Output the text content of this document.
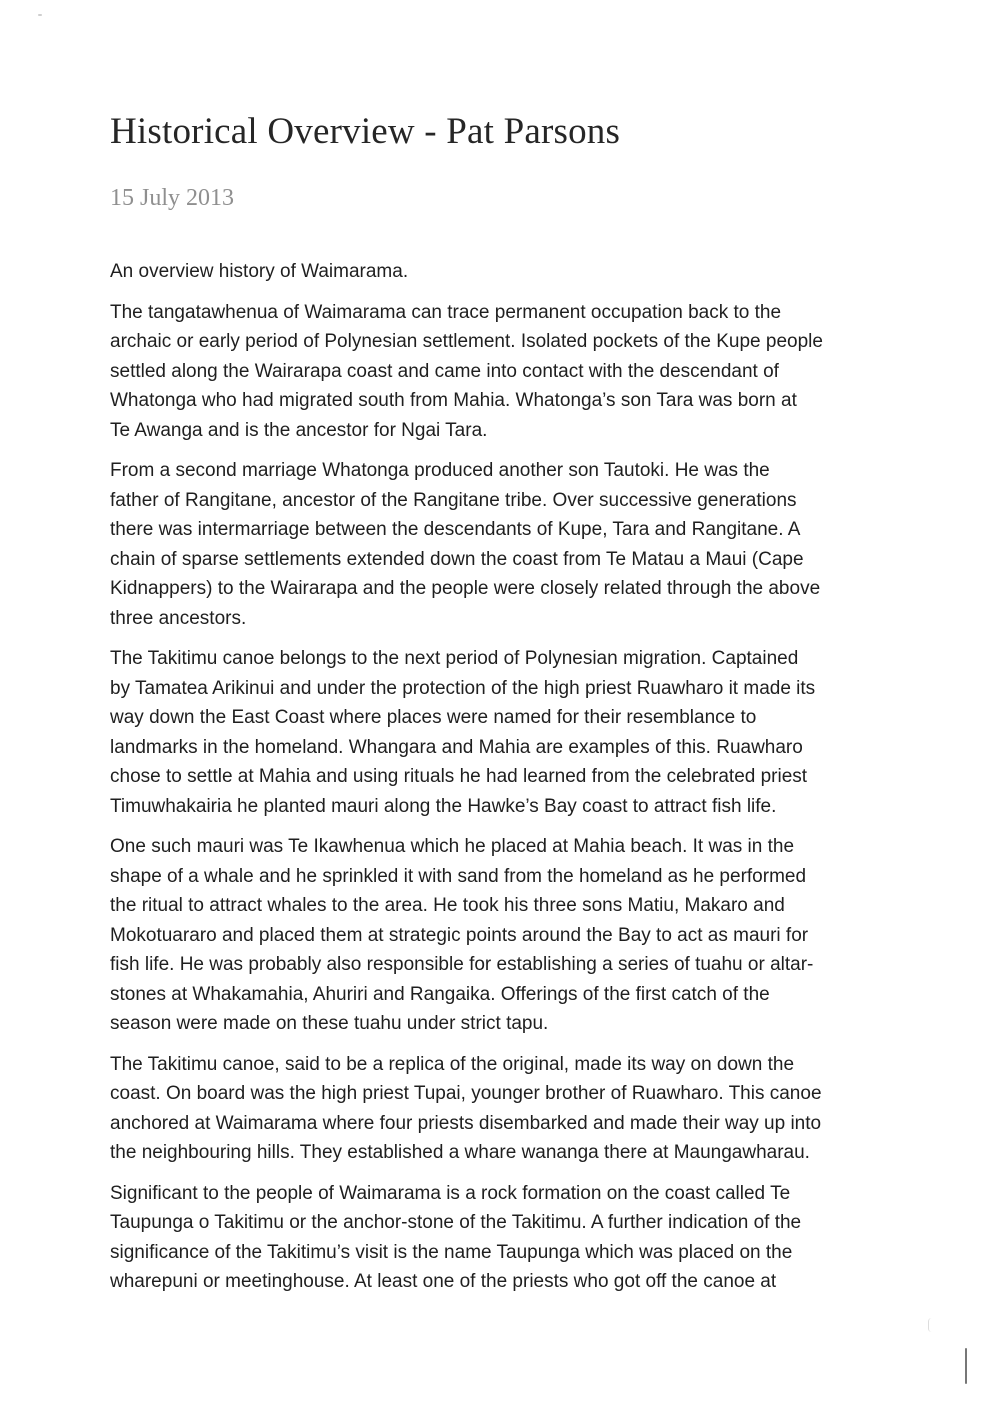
Historical Overview - Pat Parsons
15 July 2013

An overview history of Waimarama.

The tangatawhenua of Waimarama can trace permanent occupation back to the
archaic or early period of Polynesian settlement. Isolated pockets of the Kupe people
settled along the Wairarapa coast and came into contact with the descendant of
Whatonga who had migrated south from Mahia. Whatonga’s son Tara was born at
Te Awanga and is the ancestor for Ngai Tara.

From a second marriage Whatonga produced another son Tautoki. He was the
father of Rangitane, ancestor of the Rangitane tribe. Over successive generations
there was intermarriage between the descendants of Kupe, Tara and Rangitane. A
chain of sparse settlements extended down the coast from Te Matau a Maui (Cape
Kidnappers) to the Wairarapa and the people were closely related through the above
three ancestors.

The Takitimu canoe belongs to the next period of Polynesian migration. Captained
by Tamatea Arikinui and under the protection of the high priest Ruawharo it made its
way down the East Coast where places were named for their resemblance to
landmarks in the homeland. Whangara and Mahia are examples of this. Ruawharo
chose to settle at Mahia and using rituals he had learned from the celebrated priest
Timuwhakairia he planted mauri along the Hawke’s Bay coast to attract fish life.

One such mauri was Te Ikawhenua which he placed at Mahia beach. It was in the
shape of a whale and he sprinkled it with sand from the homeland as he performed
the ritual to attract whales to the area. He took his three sons Matiu, Makaro and
Mokotuararo and placed them at strategic points around the Bay to act as mauri for
fish life. He was probably also responsible for establishing a series of tuahu or altar-
stones at Whakamahia, Ahuriri and Rangaika. Offerings of the first catch of the
season were made on these tuahu under strict tapu.

The Takitimu canoe, said to be a replica of the original, made its way on down the
coast. On board was the high priest Tupai, younger brother of Ruawharo. This canoe
anchored at Waimarama where four priests disembarked and made their way up into
the neighbouring hills. They established a whare wananga there at Maungawharau.

Significant to the people of Waimarama is a rock formation on the coast called Te
Taupunga o Takitimu or the anchor-stone of the Takitimu. A further indication of the
significance of the Takitimu’s visit is the name Taupunga which was placed on the
wharepuni or meetinghouse. At least one of the priests who got off the canoe at
